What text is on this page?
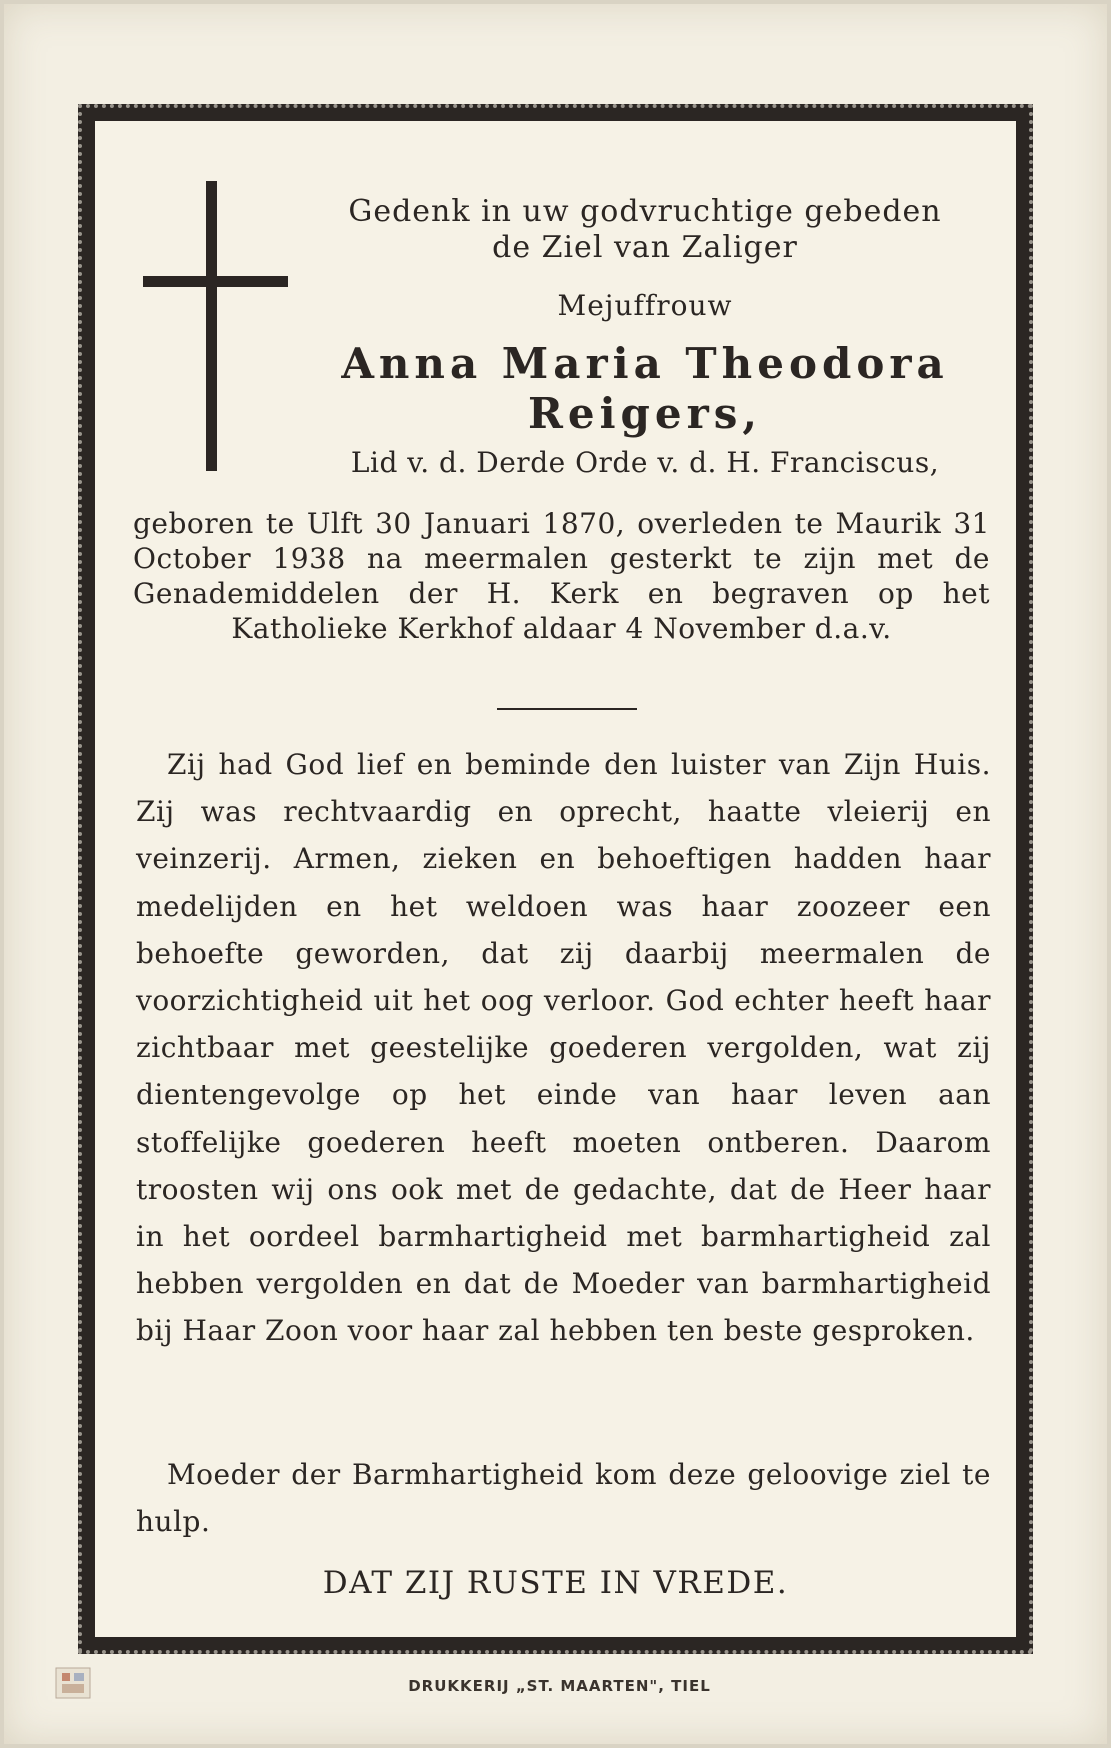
Gedenk in uw godvruchtige gebeden
de Ziel van Zaliger
Mejuffrouw
Anna Maria Theodora
Reigers,
Lid v. d. Derde Orde v. d. H. Franciscus,
geboren te Ulft 30 Januari 1870, overleden te Maurik 31 October 1938 na meermalen gesterkt te zijn met de Genademiddelen der H. Kerk en begraven op het Katholieke Kerkhof aldaar 4 November d.a.v.
Zij had God lief en beminde den luister van Zijn Huis. Zij was rechtvaardig en oprecht, haatte vleierij en veinzerij. Armen, zieken en behoeftigen hadden haar medelijden en het weldoen was haar zoozeer een behoefte geworden, dat zij daarbij meermalen de voorzichtigheid uit het oog verloor. God echter heeft haar zichtbaar met geestelijke goederen vergolden, wat zij dientengevolge op het einde van haar leven aan stoffelijke goederen heeft moeten ontberen. Daarom troosten wij ons ook met de gedachte, dat de Heer haar in het oordeel barmhartigheid met barmhartigheid zal hebben vergolden en dat de Moeder van barmhartigheid bij Haar Zoon voor haar zal hebben ten beste gesproken.
Moeder der Barmhartigheid kom deze geloovige ziel te hulp.
DAT ZIJ RUSTE IN VREDE.
DRUKKERIJ „ST. MAARTEN", TIEL
